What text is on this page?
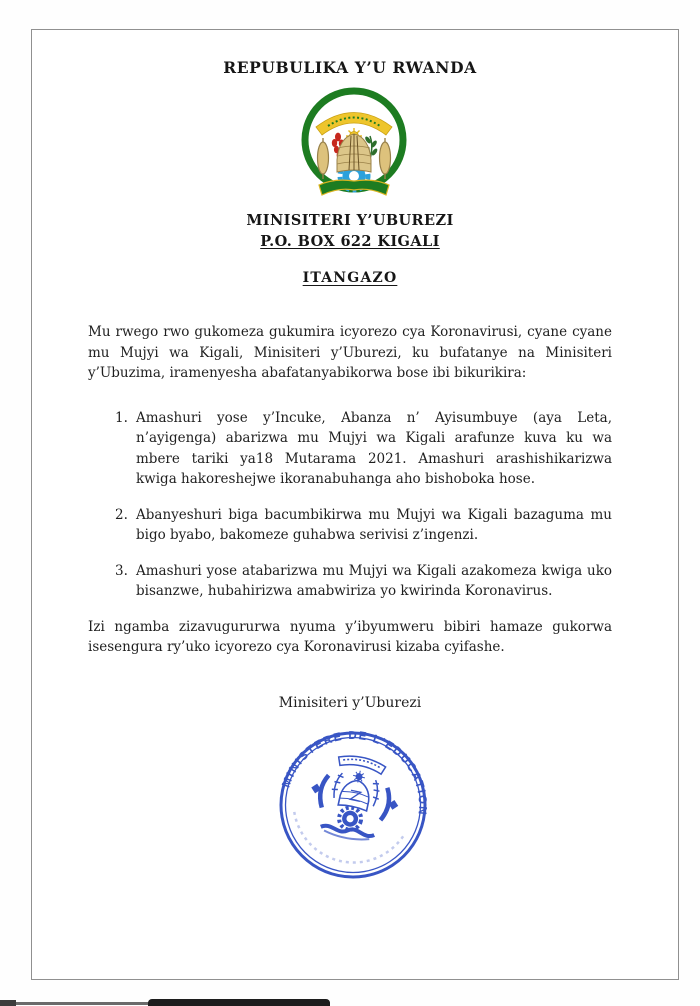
REPUBULIKA Y’U RWANDA
MINISITERI Y’UBUREZI
P.O. BOX 622 KIGALI
ITANGAZO
Mu rwego rwo gukomeza gukumira icyorezo cya Koronavirusi, cyane cyane mu Mujyi wa Kigali, Minisiteri y’Uburezi, ku bufatanye na Minisiteri y’Ubuzima, iramenyesha abafatanyabikorwa bose ibi bikurikira:
1. Amashuri yose y’Incuke, Abanza n’ Ayisumbuye (aya Leta, n’ayigenga) abarizwa mu Mujyi wa Kigali arafunze kuva ku wa mbere tariki ya18 Mutarama 2021. Amashuri arashishikarizwa kwiga hakoreshejwe ikoranabuhanga aho bishoboka hose.
2. Abanyeshuri biga bacumbikirwa mu Mujyi wa Kigali bazaguma mu bigo byabo, bakomeze guhabwa serivisi z’ingenzi.
3. Amashuri yose atabarizwa mu Mujyi wa Kigali azakomeza kwiga uko bisanzwe, hubahirizwa amabwiriza yo kwirinda Koronavirus.
Izi ngamba zizavugururwa nyuma y’ibyumweru bibiri hamaze gukorwa isesengura ry’uko icyorezo cya Koronavirusi kizaba cyifashe.
Minisiteri y’Uburezi
MINISTERE DE L'EDUCATION
